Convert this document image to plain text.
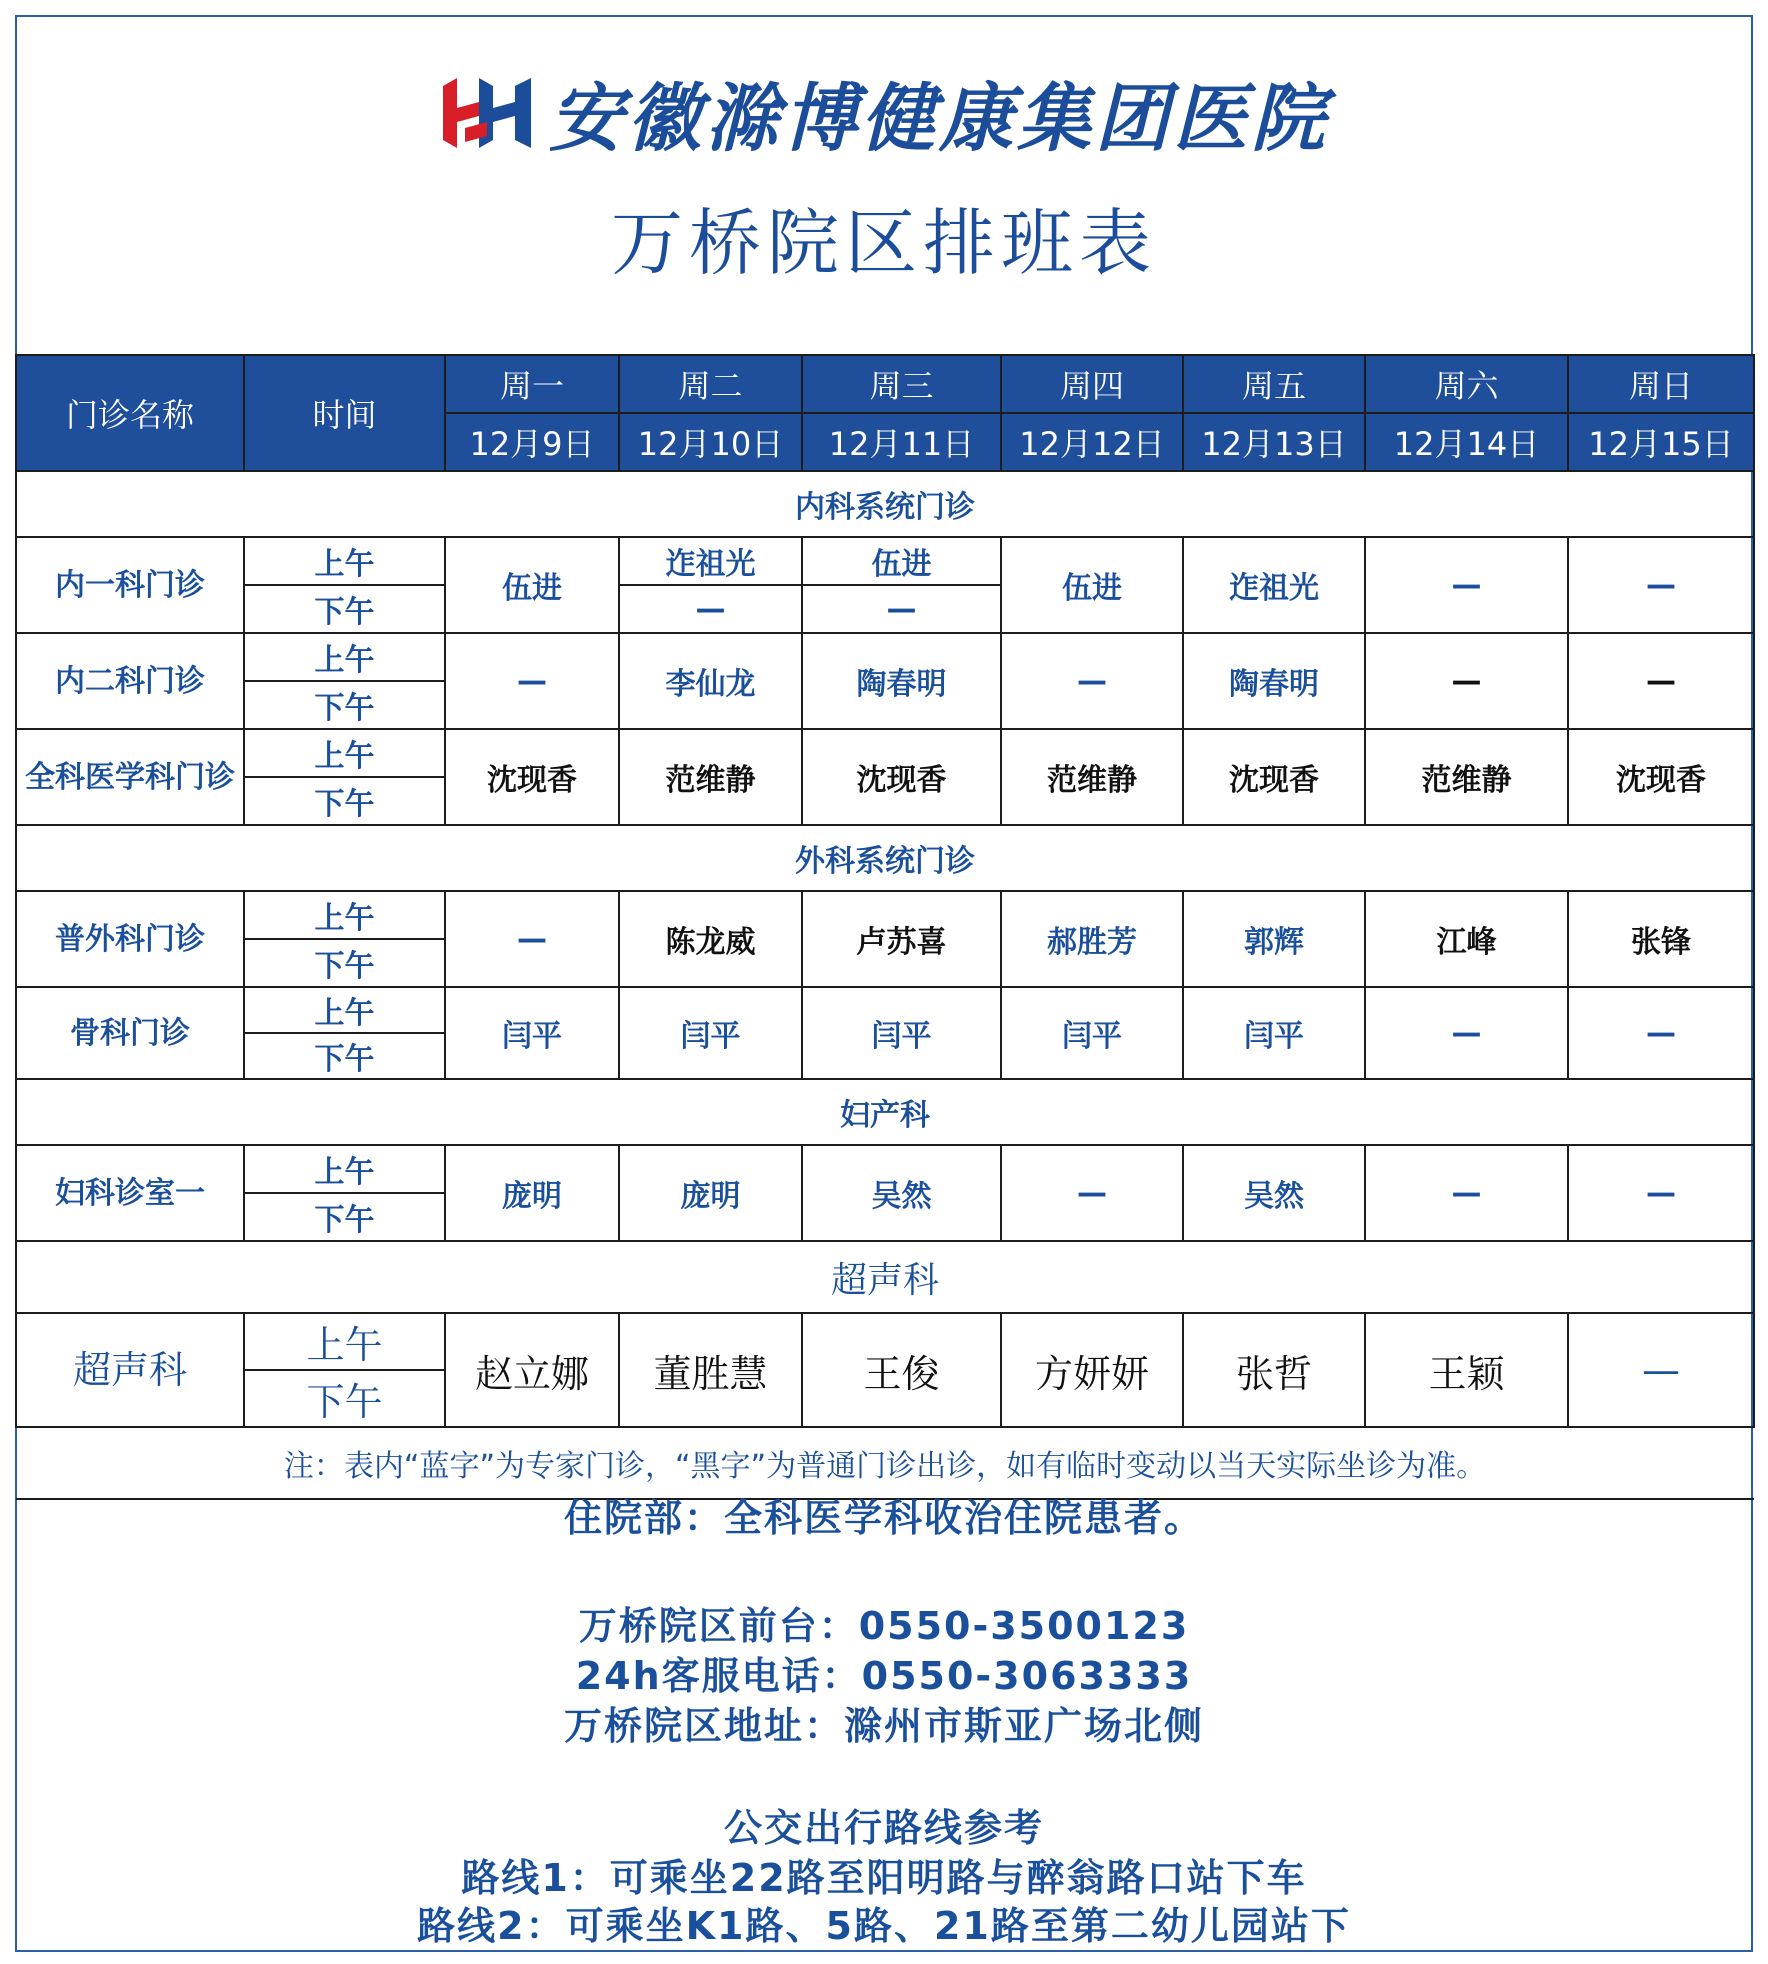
安徽滁博健康集团医院
万桥院区排班表
门诊名称	时间	周一	周二	周三	周四	周五	周六	周日
		12月9日	12月10日	12月11日	12月12日	12月13日	12月14日	12月15日
内科系统门诊								
内一科门诊	上午	伍进	迮祖光	伍进	伍进	迮祖光	—	—
	下午		—	—				
内二科门诊	上午	—	李仙龙	陶春明	—	陶春明	—	—
	下午							
全科医学科门诊	上午	沈现香	范维静	沈现香	范维静	沈现香	范维静	沈现香
	下午							
外科系统门诊								
普外科门诊	上午	—	陈龙威	卢苏喜	郝胜芳	郭辉	江峰	张锋
	下午							
骨科门诊	上午	闫平	闫平	闫平	闫平	闫平	—	—
	下午							
妇产科								
妇科诊室一	上午	庞明	庞明	吴然	—	吴然	—	—
	下午							
超声科								
超声科	上午	赵立娜	董胜慧	王俊	方妍妍	张哲	王颖	—
	下午							
注：表内“蓝字”为专家门诊，“黑字”为普通门诊出诊，如有临时变动以当天实际坐诊为准。								
住院部：全科医学科收治住院患者。
万桥院区前台：0550-3500123
24h客服电话：0550-3063333
万桥院区地址：滁州市斯亚广场北侧
公交出行路线参考
路线1：可乘坐22路至阳明路与醉翁路口站下车
路线2：可乘坐K1路、5路、21路至第二幼儿园站下
